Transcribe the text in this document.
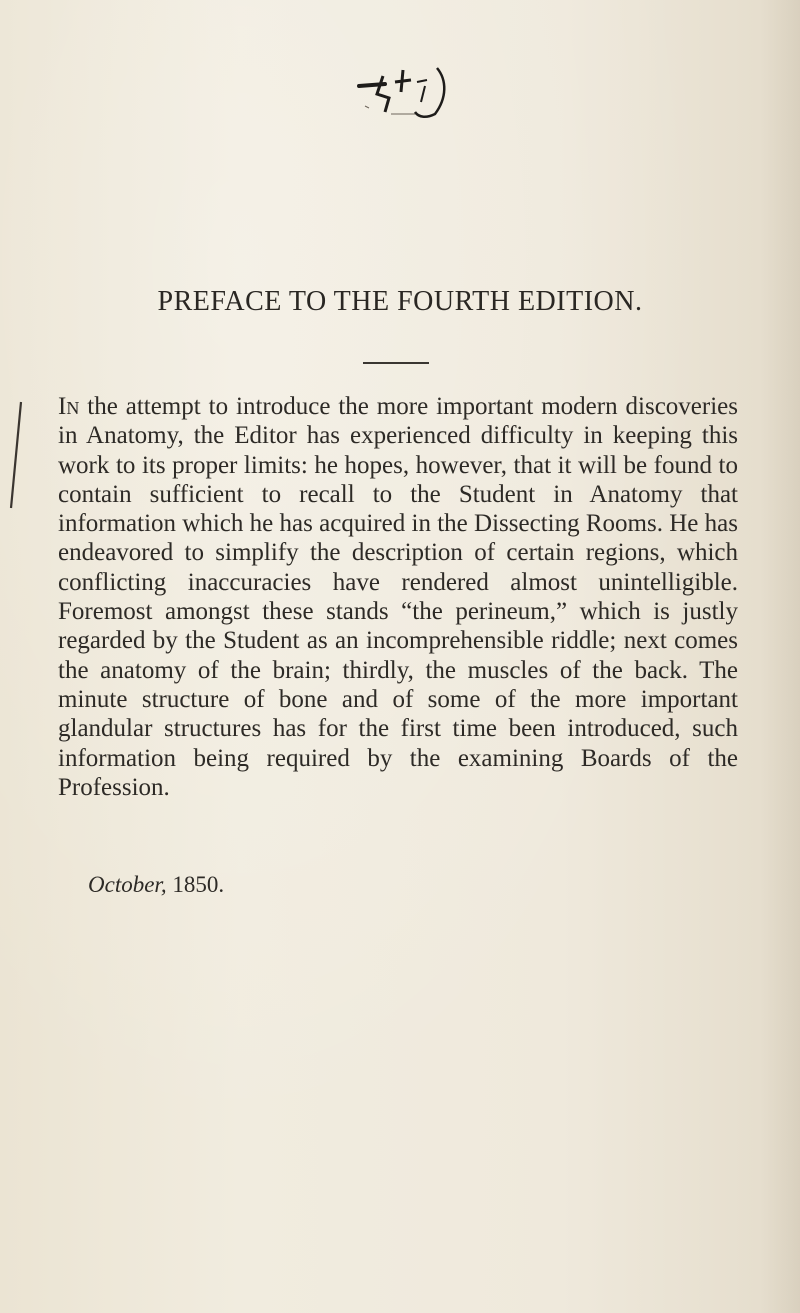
PREFACE TO THE FOURTH EDITION.

In the attempt to introduce the more important modern discoveries in Anatomy, the Editor has experienced difficulty in keeping this work to its proper limits: he hopes, however, that it will be found to contain sufficient to recall to the Student in Anatomy that information which he has acquired in the Dissecting Rooms. He has endeavored to simplify the description of certain regions, which conflicting inaccuracies have rendered almost unintelligible. Foremost amongst these stands “the perineum,” which is justly regarded by the Student as an incomprehensible riddle; next comes the anatomy of the brain; thirdly, the muscles of the back. The minute structure of bone and of some of the more important glandular structures has for the first time been introduced, such information being required by the examining Boards of the Profession.

October, 1850.
